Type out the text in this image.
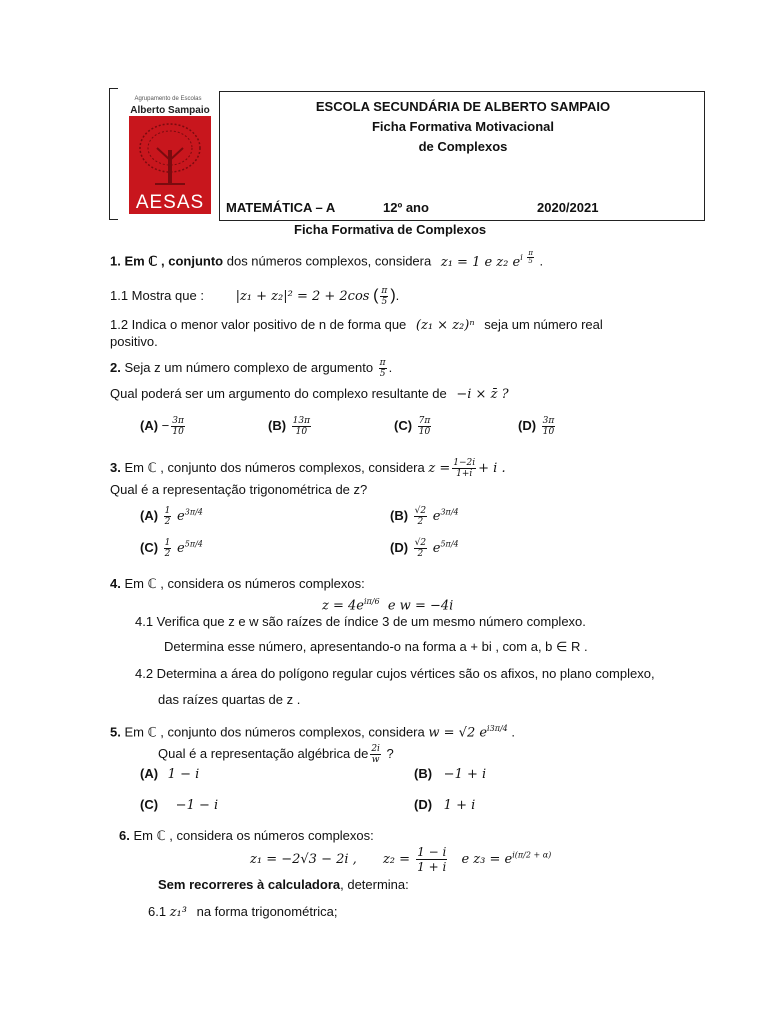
Agrupamento de Escolas
Alberto Sampaio
AESAS
ESCOLA SECUNDÁRIA DE ALBERTO SAMPAIO
Ficha Formativa Motivacional
de Complexos
MATEMÁTICA – A	12º ano	2020/2021
Ficha Formativa de Complexos
1. Em ℂ , conjunto dos números complexos, considera z₁ = 1 e z₂ $e^{i \frac{\pi}{5}}$ .
1.1 Mostra que : |z₁ + z₂|² = 2 + 2cos ( $\frac{\pi}{5}$ ).
1.2 Indica o menor valor positivo de n de forma que (z₁ × z₂)ⁿ seja um número real
positivo.
2. Seja z um número complexo de argumento $\frac{\pi}{5}$ .
Qual poderá ser um argumento do complexo resultante de −i × z̄ ?
$(A) - \frac{3\pi}{10}$	$(B) \frac{13\pi}{10}$	$(C) \frac{7\pi}{10}$	$(D) \frac{3\pi}{10}$
3. Em ℂ , conjunto dos números complexos, considera $z = \frac{1-2i}{1+i} + i$ .
Qual é a representação trigonométrica de z?
$(A) \frac{1}{2} e^{3\pi/4}$	$(B) \frac{√2}{2} e^{3\pi/4}$
$(C) \frac{1}{2} e^{5\pi/4}$	$(D) \frac{√2}{2} e^{5\pi/4}$
4. Em ℂ , considera os números complexos:
$z = 4e^{i\pi/6}$ e w = −4i
4.1 Verifica que z e w são raízes de índice 3 de um mesmo número complexo.
Determina esse número, apresentando-o na forma a + bi , com a, b ∈ R .
4.2 Determina a área do polígono regular cujos vértices são os afixos, no plano complexo,
das raízes quartas de z .
5. Em ℂ , conjunto dos números complexos, considera w = √2 $e^{i3\pi/4}$ .
Qual é a representação algébrica de $\frac{2i}{w}$ ?
(A) 1 − i	(B) −1 + i
(C) −1 − i	(D) 1 + i
6. Em ℂ , considera os números complexos:
z₁ = −2√3 − 2i , $z_2 = \frac{1 - i}{1 + i}$ e $z_3 = e^{i(\pi/2 + \alpha)}$
Sem recorreres à calculadora, determina:
6.1 z₁³ na forma trigonométrica;
